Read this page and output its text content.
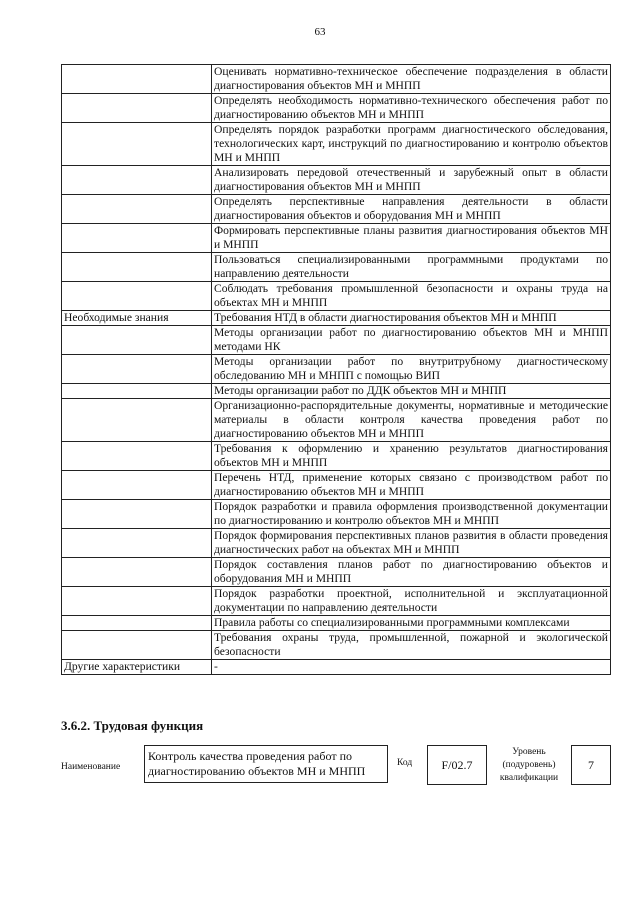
63

	Оценивать нормативно-техническое обеспечение подразделения в области диагностирования объектов МН и МНПП

	Определять необходимость нормативно-технического обеспечения работ по диагностированию объектов МН и МНПП

	Определять порядок разработки программ диагностического обследования, технологических карт, инструкций по диагностированию и контролю объектов МН и МНПП

	Анализировать передовой отечественный и зарубежный опыт в области диагностирования объектов МН и МНПП

	Определять перспективные направления деятельности в области диагностирования объектов и оборудования МН и МНПП

	Формировать перспективные планы развития диагностирования объектов МН и МНПП

	Пользоваться специализированными программными продуктами по направлению деятельности

	Соблюдать требования промышленной безопасности и охраны труда на объектах МН и МНПП

Необходимые знания	Требования НТД в области диагностирования объектов МН и МНПП

	Методы организации работ по диагностированию объектов МН и МНПП методами НК

	Методы организации работ по внутритрубному диагностическому обследованию МН и МНПП с помощью ВИП

	Методы организации работ по ДДК объектов МН и МНПП

	Организационно-распорядительные документы, нормативные и методические материалы в области контроля качества проведения работ по диагностированию объектов МН и МНПП

	Требования к оформлению и хранению результатов диагностирования объектов МН и МНПП

	Перечень НТД, применение которых связано с производством работ по диагностированию объектов МН и МНПП

	Порядок разработки и правила оформления производственной документации по диагностированию и контролю объектов МН и МНПП

	Порядок формирования перспективных планов развития в области проведения диагностических работ на объектах МН и МНПП

	Порядок составления планов работ по диагностированию объектов и оборудования МН и МНПП

	Порядок разработки проектной, исполнительной и эксплуатационной документации по направлению деятельности

	Правила работы со специализированными программными комплексами

	Требования охраны труда, промышленной, пожарной и экологической безопасности

Другие характеристики	-
3.6.2. Трудовая функция
Наименование
Контроль качества проведения работ по диагностированию объектов МН и МНПП
Код	F/02.7
Уровень (подуровень) квалификации
7
